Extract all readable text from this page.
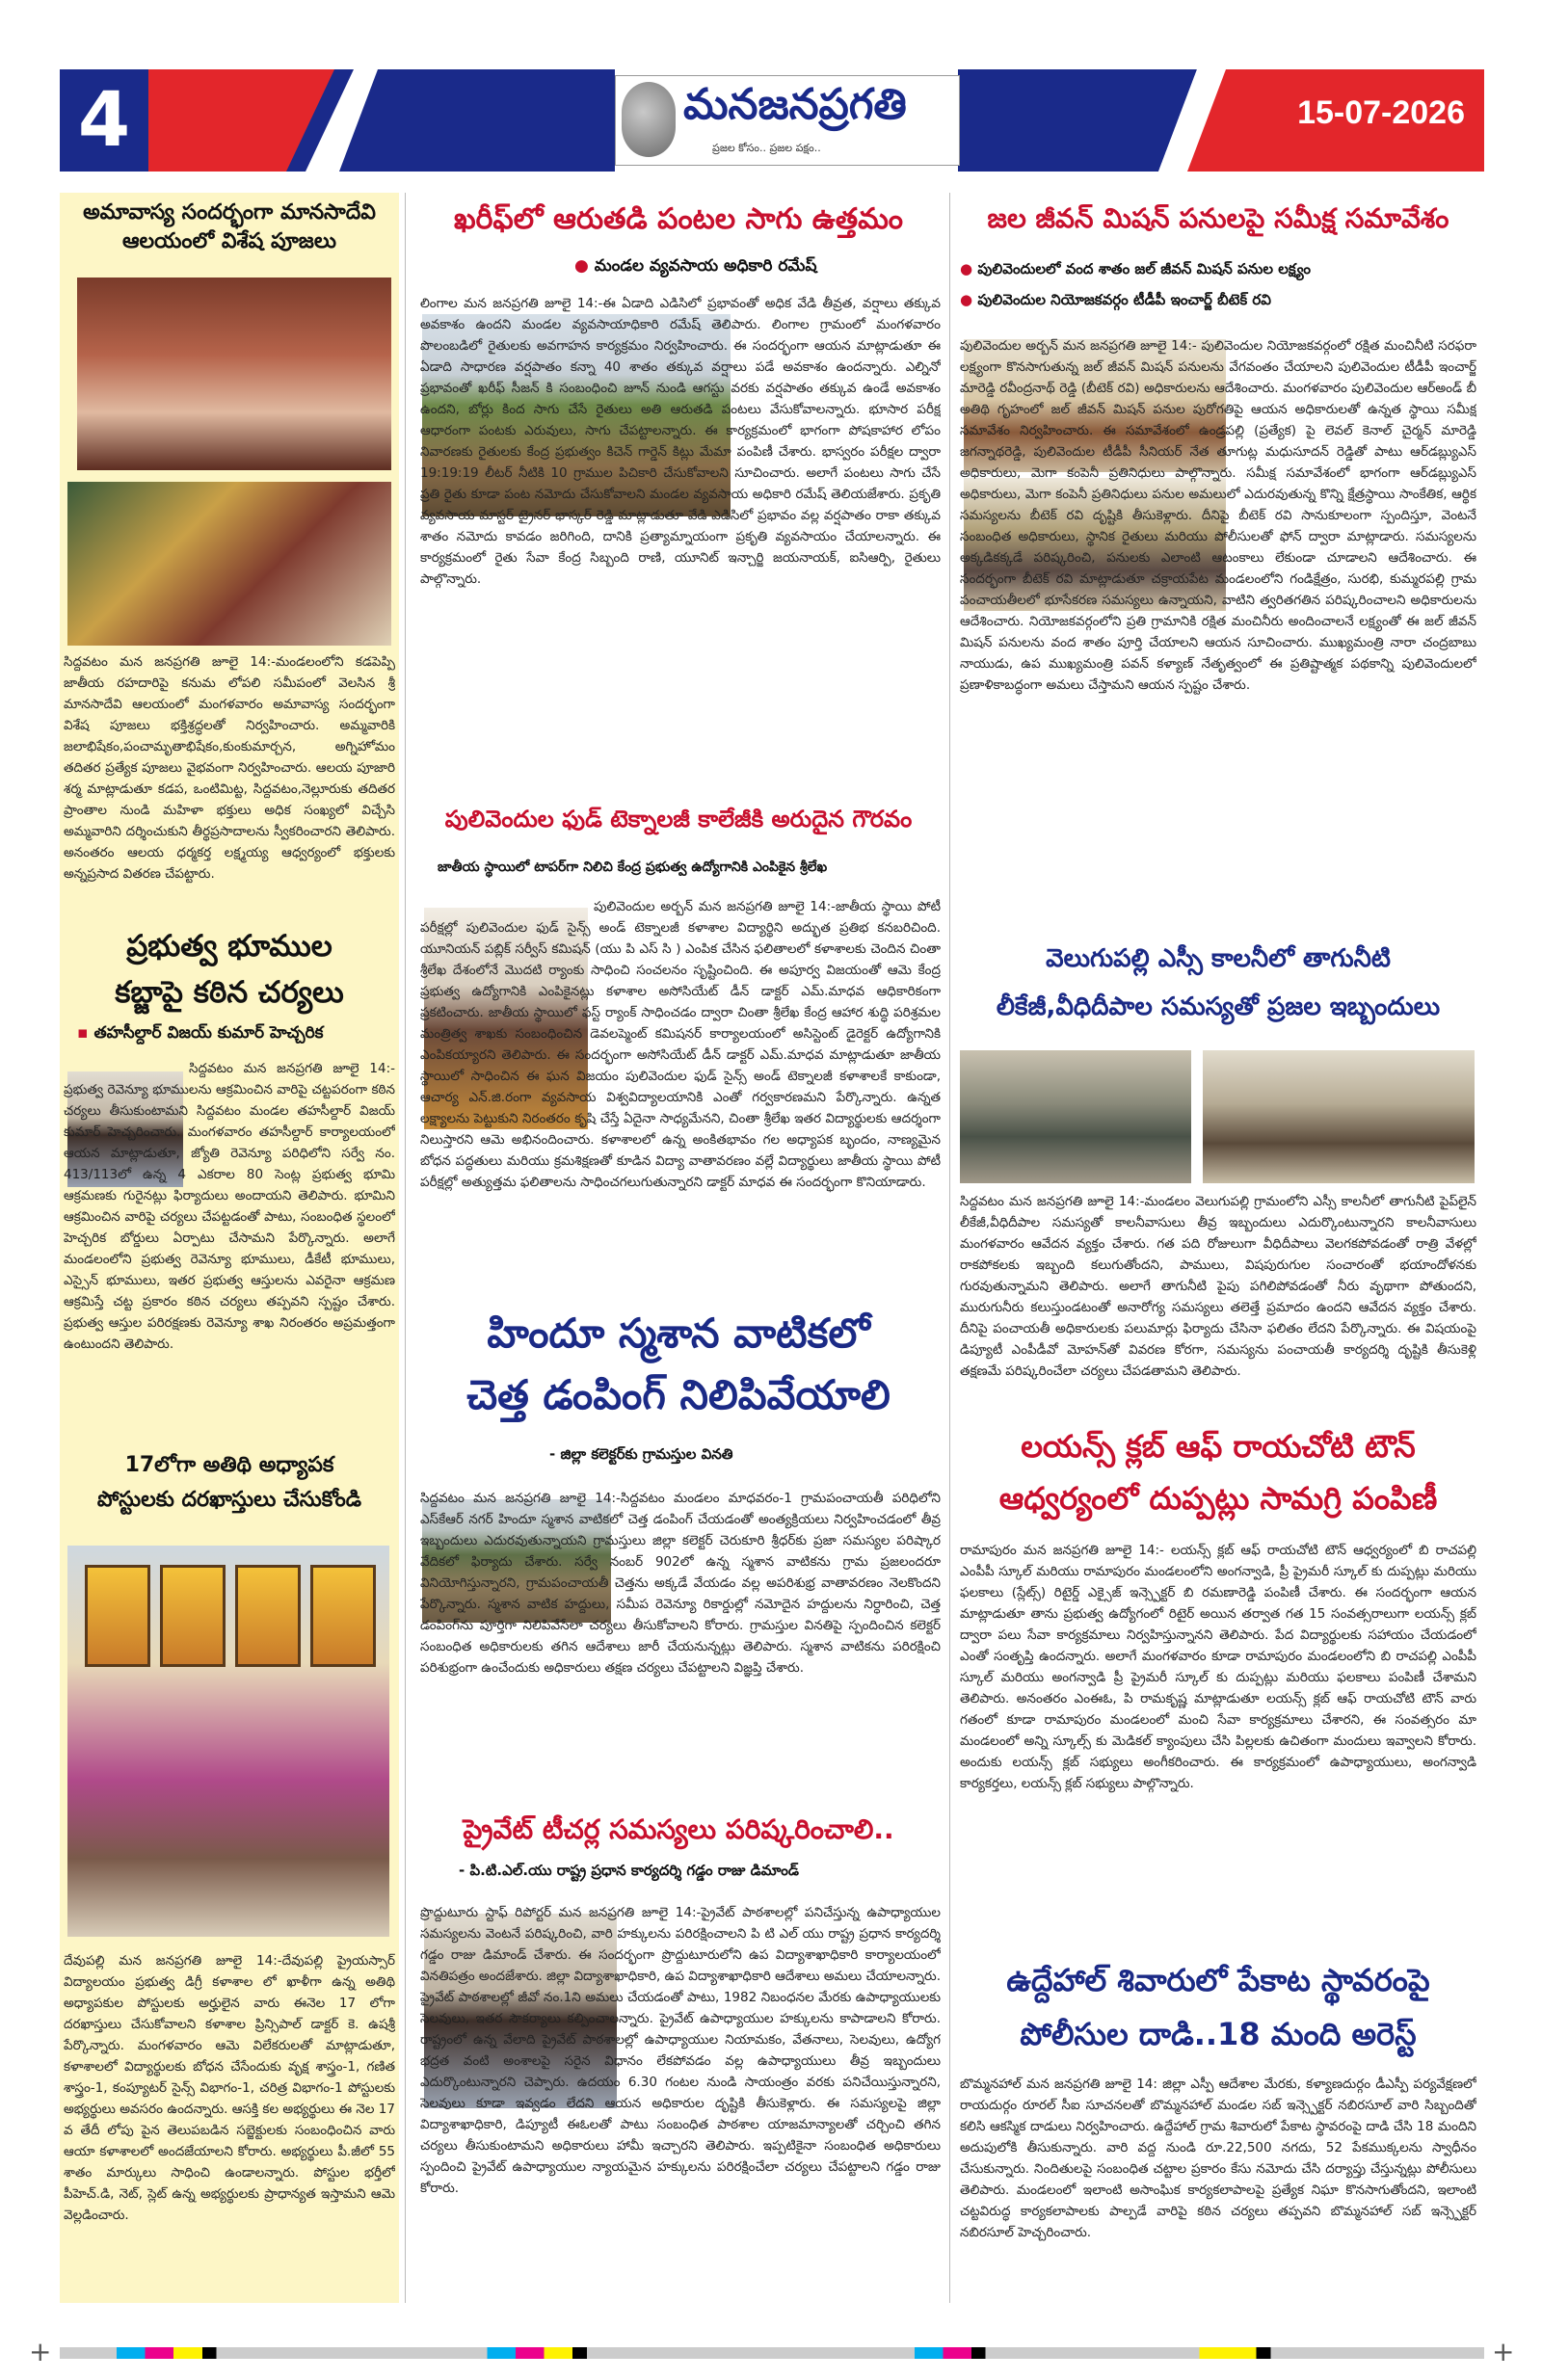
4	మనజనప్రగతి
ప్రజల కోసం.. ప్రజల పక్షం..
15-07-2026
అమావాస్య సందర్భంగా మానసాదేవి ఆలయంలో విశేష పూజలు
సిద్దవటం మన జనప్రగతి జూలై 14:-మండలంలోని కడపెప్పి జాతీయ రహదారిపై కనుమ లోపలి సమీపంలో వెలసిన శ్రీ మానసాదేవి ఆలయంలో మంగళవారం అమావాస్య సందర్భంగా విశేష పూజలు భక్తిశ్రద్ధలతో నిర్వహించారు. అమ్మవారికి జలాభిషేకం,పంచామృతాభిషేకం,కుంకుమార్చన, అగ్నిహోమం తదితర ప్రత్యేక పూజలు వైభవంగా నిర్వహించారు. ఆలయ పూజారి శర్మ మాట్లాడుతూ కడప, ఒంటిమిట్ట, సిద్దవటం,నెల్లూరుకు తదితర ప్రాంతాల నుండి మహిళా భక్తులు అధిక సంఖ్యలో విచ్చేసి అమ్మవారిని దర్శించుకుని తీర్థప్రసాదాలను స్వీకరించారని తెలిపారు. అనంతరం ఆలయ ధర్మకర్త లక్ష్మయ్య ఆధ్వర్యంలో భక్తులకు అన్నప్రసాద వితరణ చేపట్టారు.
ప్రభుత్వ భూముల
కబ్జాపై కఠిన చర్యలు
▪ తహసీల్దార్ విజయ్ కుమార్ హెచ్చరిక
సిద్దవటం మన జనప్రగతి జూలై 14:-ప్రభుత్వ రెవెన్యూ భూములను ఆక్రమించిన వారిపై చట్టపరంగా కఠిన చర్యలు తీసుకుంటామని సిద్దవటం మండల తహసీల్దార్ విజయ్ కుమార్ హెచ్చరించారు. మంగళవారం తహసీల్దార్ కార్యాలయంలో ఆయన మాట్లాడుతూ, జ్యోతి రెవెన్యూ పరిధిలోని సర్వే నం. 413/113లో ఉన్న 4 ఎకరాల 80 సెంట్ల ప్రభుత్వ భూమి ఆక్రమణకు గురైనట్లు ఫిర్యాదులు అందాయని తెలిపారు. భూమిని ఆక్రమించిన వారిపై చర్యలు చేపట్టడంతో పాటు, సంబంధిత స్థలంలో హెచ్చరిక బోర్డులు ఏర్పాటు చేసామని పేర్కొన్నారు. అలాగే మండలంలోని ప్రభుత్వ రెవెన్యూ భూములు, డీకేటీ భూములు, ఎస్సైన్ భూములు, ఇతర ప్రభుత్వ ఆస్తులను ఎవరైనా ఆక్రమణ ఆక్రమిస్తే చట్ట ప్రకారం కఠిన చర్యలు తప్పవని స్పష్టం చేశారు. ప్రభుత్వ ఆస్తుల పరిరక్షణకు రెవెన్యూ శాఖ నిరంతరం అప్రమత్తంగా ఉంటుందని తెలిపారు.
17లోగా అతిథి అధ్యాపక
పోస్టులకు దరఖాస్తులు చేసుకోండి
దేవుపల్లి మన జనప్రగతి జూలై 14:-దేవుపల్లి ప్రైయస్సార్ విద్యాలయం ప్రభుత్వ డిగ్రీ కళాశాల లో ఖాళీగా ఉన్న అతిథి అధ్యాపకుల పోస్టులకు అర్హులైన వారు ఈనెల 17 లోగా దరఖాస్తులు చేసుకోవాలని కళాశాల ప్రిన్సిపాల్ డాక్టర్ కె. ఉషశ్రీ పేర్కొన్నారు. మంగళవారం ఆమె విలేకరులతో మాట్లాడుతూ, కళాశాలలో విద్యార్థులకు బోధన చేసేందుకు వృక్ష శాస్త్రం-1, గణిత శాస్త్రం-1, కంప్యూటర్ సైన్స్ విభాగం-1, చరిత్ర విభాగం-1 పోస్టులకు అభ్యర్థులు అవసరం ఉందన్నారు. ఆసక్తి కల అభ్యర్థులు ఈ నెల 17 వ తేదీ లోపు పైన తెలుపబడిన సబ్జెక్టులకు సంబంధించిన వారు ఆయా కళాశాలలో అందజేయాలని కోరారు. అభ్యర్థులు పీ.జీలో 55 శాతం మార్కులు సాధించి ఉండాలన్నారు. పోస్టుల భర్తీలో పీహెచ్.డి, నెట్, స్లెట్ ఉన్న అభ్యర్థులకు ప్రాధాన్యత ఇస్తామని ఆమె వెల్లడించారు.
ఖరీఫ్‌లో ఆరుతడి పంటల సాగు ఉత్తమం
● మండల వ్యవసాయ అధికారి రమేష్
లింగాల మన జనప్రగతి జూలై 14:-ఈ ఏడాది ఎడిసిలో ప్రభావంతో అధిక వేడి తీవ్రత, వర్షాలు తక్కువ అవకాశం ఉందని మండల వ్యవసాయాధికారి రమేష్ తెలిపారు. లింగాల గ్రామంలో మంగళవారం పొలంబడిలో రైతులకు అవగాహన కార్యక్రమం నిర్వహించారు. ఈ సందర్భంగా ఆయన మాట్లాడుతూ ఈ ఏడాది సాధారణ వర్షపాతం కన్నా 40 శాతం తక్కువ వర్షాలు పడే అవకాశం ఉందన్నారు. ఎల్నినో ప్రభావంతో ఖరీఫ్ సీజన్ కి సంబంధించి జూన్ నుండి ఆగస్టు వరకు వర్షపాతం తక్కువ ఉండే అవకాశం ఉందని, బోర్లు కింద సాగు చేసే రైతులు అతి ఆరుతడి పంటలు వేసుకోవాలన్నారు. భూసార పరీక్ష ఆధారంగా పంటకు ఎరువులు, సాగు చేపట్టాలన్నారు. ఈ కార్యక్రమంలో భాగంగా పోషకాహార లోపం నివారణకు రైతులకు కేంద్ర ప్రభుత్వం కిచెన్ గార్డెన్ కిట్లు మేమా పంపిణీ చేశారు. భాస్వరం పరీక్షల ద్వారా 19:19:19 లీటర్ నీటికి 10 గ్రాముల పిచికారి చేసుకోవాలని సూచించారు. అలాగే పంటలు సాగు చేసే ప్రతి రైతు కూడా పంట నమోదు చేసుకోవాలని మండల వ్యవసాయ అధికారి రమేష్ తెలియజేశారు. ప్రకృతి వ్యవసాయ మాస్టర్ ట్రైనర్ భాస్కర్ రెడ్డి మాట్లాడుతూ వేడి ఎడిసిలో ప్రభావం వల్ల వర్షపాతం రాకా తక్కువ శాతం నమోదు కావడం జరిగింది, దానికి ప్రత్యామ్నాయంగా ప్రకృతి వ్యవసాయం చేయాలన్నారు. ఈ కార్యక్రమంలో రైతు సేవా కేంద్ర సిబ్బంది రాణి, యూనిట్ ఇన్చార్జి జయనాయక్, ఐసిఆర్పి, రైతులు పాల్గొన్నారు.
పులివెందుల ఫుడ్ టెక్నాలజీ కాలేజీకి అరుదైన గౌరవం
జాతీయ స్థాయిలో టాపర్‌గా నిలిచి కేంద్ర ప్రభుత్వ ఉద్యోగానికి ఎంపికైన శ్రీలేఖ
పులివెందుల అర్బన్ మన జనప్రగతి జూలై 14:-జాతీయ స్థాయి పోటీ పరీక్షల్లో పులివెందుల ఫుడ్ సైన్స్ అండ్ టెక్నాలజీ కళాశాల విద్యార్థిని అద్భుత ప్రతిభ కనబరిచింది. యూనియన్ పబ్లిక్ సర్వీస్ కమిషన్ (యు పి ఎస్ సి ) ఎంపిక చేసిన ఫలితాలలో కళాశాలకు చెందిన చింతా శ్రీలేఖ దేశంలోనే మొదటి ర్యాంకు సాధించి సంచలనం సృష్టించింది. ఈ అపూర్వ విజయంతో ఆమె కేంద్ర ప్రభుత్వ ఉద్యోగానికి ఎంపికైనట్లు కళాశాల అసోసియేట్ డీన్ డాక్టర్ ఎమ్.మాధవ ఆధికారికంగా ప్రకటించారు. జాతీయ స్థాయిలో ఫస్ట్ ర్యాంక్ సాధించడం ద్వారా చింతా శ్రీలేఖ కేంద్ర ఆహార శుద్ధి పరిశ్రమల మంత్రిత్వ శాఖకు సంబంధించిన డెవలప్మెంట్ కమిషనర్ కార్యాలయంలో అసిస్టెంట్ డైరెక్టర్ ఉద్యోగానికి ఎంపికయ్యారని తెలిపారు. ఈ సందర్భంగా అసోసియేట్ డీన్ డాక్టర్ ఎమ్.మాధవ మాట్లాడుతూ జాతీయ స్థాయిలో సాధించిన ఈ ఘన విజయం పులివెందుల ఫుడ్ సైన్స్ అండ్ టెక్నాలజీ కళాశాలకే కాకుండా, ఆచార్య ఎన్.జి.రంగా వ్యవసాయ విశ్వవిద్యాలయానికి ఎంతో గర్వకారణమని పేర్కొన్నారు. ఉన్నత లక్ష్యాలను పెట్టుకుని నిరంతరం కృషి చేస్తే ఏదైనా సాధ్యమేనని, చింతా శ్రీలేఖ ఇతర విద్యార్థులకు ఆదర్శంగా నిలుస్తారని ఆమె అభినందించారు. కళాశాలలో ఉన్న అంకితభావం గల అధ్యాపక బృందం, నాణ్యమైన బోధన పద్ధతులు మరియు క్రమశిక్షణతో కూడిన విద్యా వాతావరణం వల్లే విద్యార్థులు జాతీయ స్థాయి పోటీ పరీక్షల్లో అత్యుత్తమ ఫలితాలను సాధించగలుగుతున్నారని డాక్టర్ మాధవ ఈ సందర్భంగా కొనియాడారు.
హిందూ స్మశాన వాటికలో
చెత్త డంపింగ్ నిలిపివేయాలి
- జిల్లా కలెక్టర్‌కు గ్రామస్తుల వినతి
సిద్దవటం మన జనప్రగతి జూలై 14:-సిద్దవటం మండలం మాధవరం-1 గ్రామపంచాయతీ పరిధిలోని ఎస్‌కేఆర్ నగర్ హిందూ స్మశాన వాటికలో చెత్త డంపింగ్ చేయడంతో అంత్యక్రియలు నిర్వహించడంలో తీవ్ర ఇబ్బందులు ఎదురవుతున్నాయని గ్రామస్తులు జిల్లా కలెక్టర్ చెరుకూరి శ్రీధర్‌కు ప్రజా సమస్యల పరిష్కార వేదికలో ఫిర్యాదు చేశారు. సర్వే నంబర్ 902లో ఉన్న స్మశాన వాటికను గ్రామ ప్రజలందరూ వినియోగిస్తున్నారని, గ్రామపంచాయతీ చెత్తను అక్కడే వేయడం వల్ల అపరిశుభ్ర వాతావరణం నెలకొందని పేర్కొన్నారు. స్మశాన వాటిక హద్దులు, సమీప రెవెన్యూ రికార్డుల్లో నమోదైన హద్దులను నిర్ధారించి, చెత్త డంపింగ్‌ను పూర్తిగా నిలిపివేసేలా చర్యలు తీసుకోవాలని కోరారు. గ్రామస్తుల వినతిపై స్పందించిన కలెక్టర్ సంబంధిత అధికారులకు తగిన ఆదేశాలు జారీ చేయనున్నట్లు తెలిపారు. స్మశాన వాటికను పరిరక్షించి పరిశుభ్రంగా ఉంచేందుకు అధికారులు తక్షణ చర్యలు చేపట్టాలని విజ్ఞప్తి చేశారు.
ప్రైవేట్ టీచర్ల సమస్యలు పరిష్కరించాలి..
- పి.టి.ఎల్.యు రాష్ట్ర ప్రధాన కార్యదర్శి గడ్డం రాజు డిమాండ్
ప్రొద్దుటూరు స్టాఫ్ రిపోర్టర్ మన జనప్రగతి జూలై 14:-ప్రైవేట్ పాఠశాలల్లో పనిచేస్తున్న ఉపాధ్యాయుల సమస్యలను వెంటనే పరిష్కరించి, వారి హక్కులను పరిరక్షించాలని పి టి ఎల్ యు రాష్ట్ర ప్రధాన కార్యదర్శి గడ్డం రాజు డిమాండ్ చేశారు. ఈ సందర్భంగా ప్రొద్దుటూరులోని ఉప విద్యాశాఖాధికారి కార్యాలయంలో వినతిపత్రం అందజేశారు. జిల్లా విద్యాశాఖాధికారి, ఉప విద్యాశాఖాధికారి ఆదేశాలు అమలు చేయాలన్నారు. ప్రైవేట్ పాఠశాలల్లో జీవో నం.1ని అమలు చేయడంతో పాటు, 1982 నిబంధనల మేరకు ఉపాధ్యాయులకు సెలవులు, ఇతర సౌకర్యాలు కల్పించాలన్నారు. ప్రైవేట్ ఉపాధ్యాయుల హక్కులను కాపాడాలని కోరారు. రాష్ట్రంలో ఉన్న వేలాది ప్రైవేట్ పాఠశాలల్లో ఉపాధ్యాయుల నియామకం, వేతనాలు, సెలవులు, ఉద్యోగ భద్రత వంటి అంశాలపై సరైన విధానం లేకపోవడం వల్ల ఉపాధ్యాయులు తీవ్ర ఇబ్బందులు ఎదుర్కొంటున్నారని చెప్పారు. ఉదయం 6.30 గంటల నుండి సాయంత్రం వరకు పనిచేయిస్తున్నారని, సెలవులు కూడా ఇవ్వడం లేదని ఆయన అధికారుల దృష్టికి తీసుకెళ్లారు. ఈ సమస్యలపై జిల్లా విద్యాశాఖాధికారి, డిప్యూటీ ఈఓలతో పాటు సంబంధిత పాఠశాల యాజమాన్యాలతో చర్చించి తగిన చర్యలు తీసుకుంటామని అధికారులు హామీ ఇచ్చారని తెలిపారు. ఇప్పటికైనా సంబంధిత అధికారులు స్పందించి ప్రైవేట్ ఉపాధ్యాయుల న్యాయమైన హక్కులను పరిరక్షించేలా చర్యలు చేపట్టాలని గడ్డం రాజు కోరారు.
జల జీవన్ మిషన్ పనులపై సమీక్ష సమావేశం
● పులివెందులలో వంద శాతం జల్ జీవన్ మిషన్ పనుల లక్ష్యం
● పులివెందుల నియోజకవర్గం టీడీపీ ఇంచార్జ్ బీటెక్ రవి
పులివెందుల అర్బన్ మన జనప్రగతి జూలై 14:- పులివెందుల నియోజకవర్గంలో రక్షిత మంచినీటి సరఫరా లక్ష్యంగా కొనసాగుతున్న జల్ జీవన్ మిషన్ పనులను వేగవంతం చేయాలని పులివెందుల టీడీపీ ఇంచార్జ్ మారెడ్డి రవీంద్రనాథ్ రెడ్డి (బీటెక్ రవి) అధికారులను ఆదేశించారు. మంగళవారం పులివెందుల ఆర్‌అండ్ బీ అతిథి గృహంలో జల్ జీవన్ మిషన్ పనుల పురోగతిపై ఆయన అధికారులతో ఉన్నత స్థాయి సమీక్ష సమావేశం నిర్వహించారు. ఈ సమావేశంలో ఉండ్రపల్లి (ప్రత్యేక) పై లెవల్ కెనాల్ చైర్మన్ మారెడ్డి జగన్నాథరెడ్డి, పులివెందుల టీడీపీ సీనియర్ నేత తూగుట్ల మధుసూదన్ రెడ్డితో పాటు ఆర్‌డబ్ల్యుఎస్ అధికారులు, మెగా కంపెనీ ప్రతినిధులు పాల్గొన్నారు. సమీక్ష సమావేశంలో భాగంగా ఆర్‌డబ్ల్యుఎస్ అధికారులు, మెగా కంపెనీ ప్రతినిధులు పనుల అమలులో ఎదురవుతున్న కొన్ని క్షేత్రస్థాయి సాంకేతిక, ఆర్థిక సమస్యలను బీటెక్ రవి దృష్టికి తీసుకెళ్లారు. దీనిపై బీటెక్ రవి సానుకూలంగా స్పందిస్తూ, వెంటనే సంబంధిత అధికారులు, స్థానిక రైతులు మరియు పోలీసులతో ఫోన్ ద్వారా మాట్లాడారు. సమస్యలను అక్కడికక్కడే పరిష్కరించి, పనులకు ఎలాంటి ఆటంకాలు లేకుండా చూడాలని ఆదేశించారు. ఈ సందర్భంగా బీటెక్ రవి మాట్లాడుతూ చక్రాయపేట మండలంలోని గండిక్షేత్రం, సురభి, కుమ్మరపల్లి గ్రామ పంచాయతీలలో భూసేకరణ సమస్యలు ఉన్నాయని, వాటిని త్వరితగతిన పరిష్కరించాలని అధికారులను ఆదేశించారు. నియోజకవర్గంలోని ప్రతి గ్రామానికి రక్షిత మంచినీరు అందించాలనే లక్ష్యంతో ఈ జల్ జీవన్ మిషన్ పనులను వంద శాతం పూర్తి చేయాలని ఆయన సూచించారు. ముఖ్యమంత్రి నారా చంద్రబాబు నాయుడు, ఉప ముఖ్యమంత్రి పవన్ కళ్యాణ్ నేతృత్వంలో ఈ ప్రతిష్టాత్మక పథకాన్ని పులివెందులలో ప్రణాళికాబద్ధంగా అమలు చేస్తామని ఆయన స్పష్టం చేశారు.
వెలుగుపల్లి ఎస్సీ కాలనీలో తాగునీటి
లీకేజీ,వీధిదీపాల సమస్యతో ప్రజల ఇబ్బందులు
సిద్దవటం మన జనప్రగతి జూలై 14:-మండలం వెలుగుపల్లి గ్రామంలోని ఎస్సీ కాలనీలో తాగునీటి పైప్‌లైన్ లీకేజీ,వీధిదీపాల సమస్యతో కాలనీవాసులు తీవ్ర ఇబ్బందులు ఎదుర్కొంటున్నారని కాలనీవాసులు మంగళవారం ఆవేదన వ్యక్తం చేశారు. గత పది రోజులుగా వీధిదీపాలు వెలగకపోవడంతో రాత్రి వేళల్లో రాకపోకలకు ఇబ్బంది కలుగుతోందని, పాములు, విషపురుగుల సంచారంతో భయాందోళనకు గురవుతున్నామని తెలిపారు. అలాగే తాగునీటి పైపు పగిలిపోవడంతో నీరు వృథాగా పోతుందని, మురుగునీరు కలుస్తుండటంతో అనారోగ్య సమస్యలు తలెత్తే ప్రమాదం ఉందని ఆవేదన వ్యక్తం చేశారు. దీనిపై పంచాయతీ అధికారులకు పలుమార్లు ఫిర్యాదు చేసినా ఫలితం లేదని పేర్కొన్నారు. ఈ విషయంపై డిప్యూటీ ఎంపీడీవో మోహన్‌తో వివరణ కోరగా, సమస్యను పంచాయతీ కార్యదర్శి దృష్టికి తీసుకెళ్లి తక్షణమే పరిష్కరించేలా చర్యలు చేపడతామని తెలిపారు.
లయన్స్ క్లబ్ ఆఫ్ రాయచోటి టౌన్
ఆధ్వర్యంలో దుప్పట్లు సామగ్రి పంపిణీ
రామాపురం మన జనప్రగతి జూలై 14:- లయన్స్ క్లబ్ ఆఫ్ రాయచోటి టౌన్ ఆధ్వర్యంలో బి రాచపల్లి ఎంపీపీ స్కూల్ మరియు రామాపురం మండలంలోని అంగన్వాడి, ప్రీ ప్రైమరీ స్కూల్ కు దుప్పట్లు మరియు ఫలకాలు (స్లేట్స్) రిటైర్డ్ ఎక్సైజ్ ఇన్స్పెక్టర్ బి రమణారెడ్డి పంపిణీ చేశారు. ఈ సందర్భంగా ఆయన మాట్లాడుతూ తాను ప్రభుత్వ ఉద్యోగంలో రిటైర్ అయిన తర్వాత గత 15 సంవత్సరాలుగా లయన్స్ క్లబ్ ద్వారా పలు సేవా కార్యక్రమాలు నిర్వహిస్తున్నానని తెలిపారు. పేద విద్యార్థులకు సహాయం చేయడంలో ఎంతో సంతృప్తి ఉందన్నారు. అలాగే మంగళవారం కూడా రామాపురం మండలంలోని బి రాచపల్లి ఎంపీపీ స్కూల్ మరియు అంగన్వాడి ప్రీ ప్రైమరీ స్కూల్ కు దుప్పట్లు మరియు ఫలకాలు పంపిణీ చేశామని తెలిపారు. అనంతరం ఎంఈఓ, పి రామకృష్ణ మాట్లాడుతూ లయన్స్ క్లబ్ ఆఫ్ రాయచోటి టౌన్ వారు గతంలో కూడా రామాపురం మండలంలో మంచి సేవా కార్యక్రమాలు చేశారని, ఈ సంవత్సరం మా మండలంలో అన్ని స్కూల్స్ కు మెడికల్ క్యాంపులు చేసి పిల్లలకు ఉచితంగా మందులు ఇవ్వాలని కోరారు. అందుకు లయన్స్ క్లబ్ సభ్యులు అంగీకరించారు. ఈ కార్యక్రమంలో ఉపాధ్యాయులు, అంగన్వాడి కార్యకర్తలు, లయన్స్ క్లబ్ సభ్యులు పాల్గొన్నారు.
ఉద్దేహాల్ శివారులో పేకాట స్థావరంపై
పోలీసుల దాడి..18 మంది అరెస్ట్
బొమ్మనహాల్ మన జనప్రగతి జూలై 14: జిల్లా ఎస్పీ ఆదేశాల మేరకు, కళ్యాణదుర్గం డీఎస్పీ పర్యవేక్షణలో రాయదుర్గం రూరల్ సీఐ సూచనలతో బొమ్మనహాల్ మండల సబ్ ఇన్స్పెక్టర్ నబిరసూల్ వారి సిబ్బందితో కలిసి ఆకస్మిక దాడులు నిర్వహించారు. ఉద్దేహాల్ గ్రామ శివారులో పేకాట స్థావరంపై దాడి చేసి 18 మందిని అదుపులోకి తీసుకున్నారు. వారి వద్ద నుండి రూ.22,500 నగదు, 52 పేకముక్కలను స్వాధీనం చేసుకున్నారు. నిందితులపై సంబంధిత చట్టాల ప్రకారం కేసు నమోదు చేసి దర్యాప్తు చేస్తున్నట్లు పోలీసులు తెలిపారు. మండలంలో ఇలాంటి అసాంఘిక కార్యకలాపాలపై ప్రత్యేక నిఘా కొనసాగుతోందని, ఇలాంటి చట్టవిరుద్ధ కార్యకలాపాలకు పాల్పడే వారిపై కఠిన చర్యలు తప్పవని బొమ్మనహాల్ సబ్ ఇన్స్పెక్టర్ నబిరసూల్ హెచ్చరించారు.
+	+
